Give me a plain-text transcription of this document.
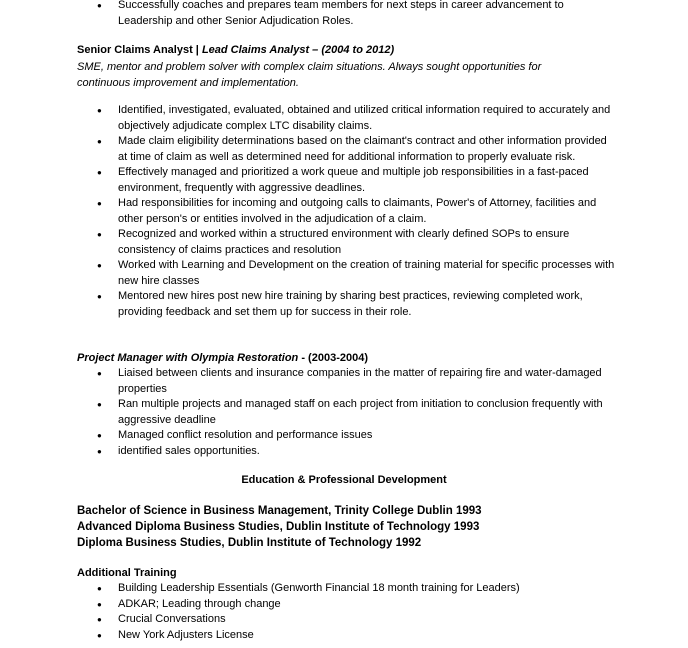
● Successfully coaches and prepares team members for next steps in career advancement to Leadership and other Senior Adjudication Roles.
Senior Claims Analyst | Lead Claims Analyst – (2004 to 2012)
SME, mentor and problem solver with complex claim situations. Always sought opportunities for continuous improvement and implementation.
● Identified, investigated, evaluated, obtained and utilized critical information required to accurately and objectively adjudicate complex LTC disability claims.
● Made claim eligibility determinations based on the claimant's contract and other information provided at time of claim as well as determined need for additional information to properly evaluate risk.
● Effectively managed and prioritized a work queue and multiple job responsibilities in a fast-paced environment, frequently with aggressive deadlines.
● Had responsibilities for incoming and outgoing calls to claimants, Power's of Attorney, facilities and other person's or entities involved in the adjudication of a claim.
● Recognized and worked within a structured environment with clearly defined SOPs to ensure consistency of claims practices and resolution
● Worked with Learning and Development on the creation of training material for specific processes with new hire classes
● Mentored new hires post new hire training by sharing best practices, reviewing completed work, providing feedback and set them up for success in their role.
Project Manager with Olympia Restoration - (2003-2004)
● Liaised between clients and insurance companies in the matter of repairing fire and water-damaged properties
● Ran multiple projects and managed staff on each project from initiation to conclusion frequently with aggressive deadline
● Managed conflict resolution and performance issues
● identified sales opportunities.
Education & Professional Development
Bachelor of Science in Business Management, Trinity College Dublin 1993
Advanced Diploma Business Studies, Dublin Institute of Technology 1993
Diploma Business Studies, Dublin Institute of Technology 1992
Additional Training
● Building Leadership Essentials (Genworth Financial 18 month training for Leaders)
● ADKAR; Leading through change
● Crucial Conversations
● New York Adjusters License
